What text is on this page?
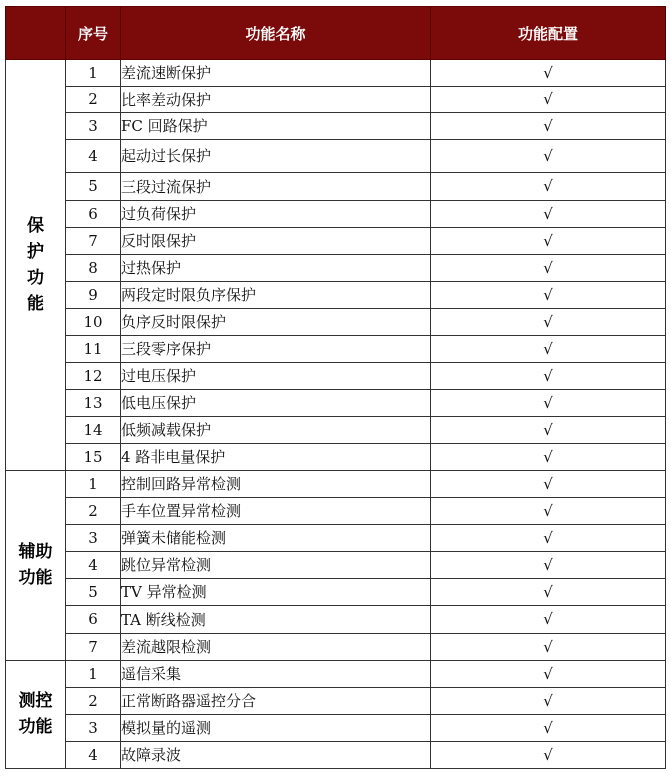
	序号	功能名称	功能配置

保
护
功
能	1	差流速断保护	√
	2	比率差动保护	√
	3	FC 回路保护	√
	4	起动过长保护	√
	5	三段过流保护	√
	6	过负荷保护	√
	7	反时限保护	√
	8	过热保护	√
	9	两段定时限负序保护	√
	10	负序反时限保护	√
	11	三段零序保护	√
	12	过电压保护	√
	13	低电压保护	√
	14	低频减载保护	√
	15	4 路非电量保护	√

辅助
功能	1	控制回路异常检测	√
	2	手车位置异常检测	√
	3	弹簧未储能检测	√
	4	跳位异常检测	√
	5	TV 异常检测	√
	6	TA 断线检测	√
	7	差流越限检测	√

测控
功能	1	遥信采集	√
	2	正常断路器遥控分合	√
	3	模拟量的遥测	√
	4	故障录波	√
